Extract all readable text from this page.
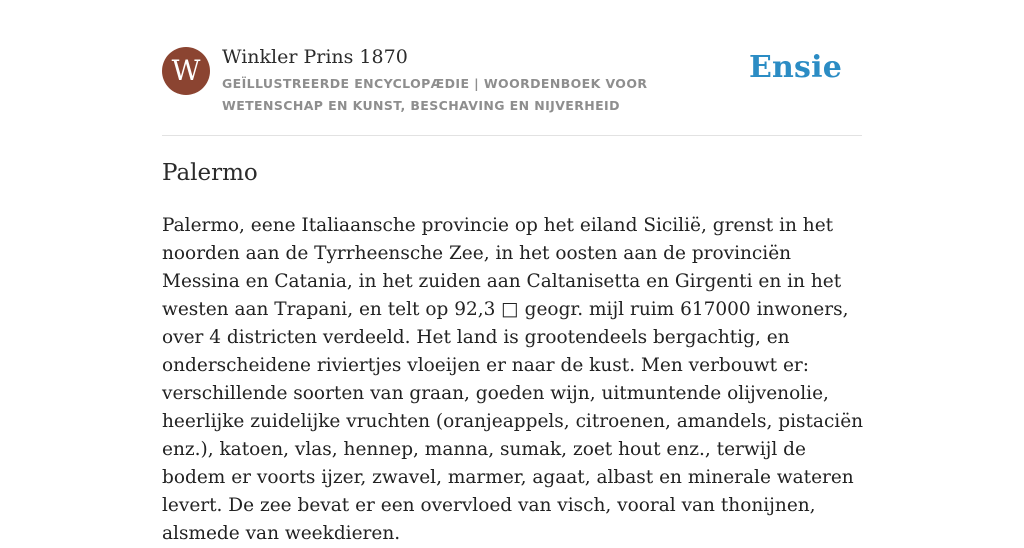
W	Winkler Prins 1870
GEÏLLUSTREERDE ENCYCLOPÆDIE | WOORDENBOEK VOOR WETENSCHAP EN KUNST, BESCHAVING EN NIJVERHEID
Ensie
Palermo

Palermo, eene Italiaansche provincie op het eiland Sicilië, grenst in het noorden aan de Tyrrheensche Zee, in het oosten aan de provinciën Messina en Catania, in het zuiden aan Caltanisetta en Girgenti en in het westen aan Trapani, en telt op 92,3 □ geogr. mijl ruim 617000 inwoners, over 4 districten verdeeld. Het land is grootendeels bergachtig, en onderscheidene riviertjes vloeijen er naar de kust. Men verbouwt er: verschillende soorten van graan, goeden wijn, uitmuntende olijvenolie, heerlijke zuidelijke vruchten (oranjeappels, citroenen, amandels, pistaciën enz.), katoen, vlas, hennep, manna, sumak, zoet hout enz., terwijl de bodem er voorts ijzer, zwavel, marmer, agaat, albast en minerale wateren levert. De zee bevat er een overvloed van visch, vooral van thonijnen, alsmede van weekdieren.
